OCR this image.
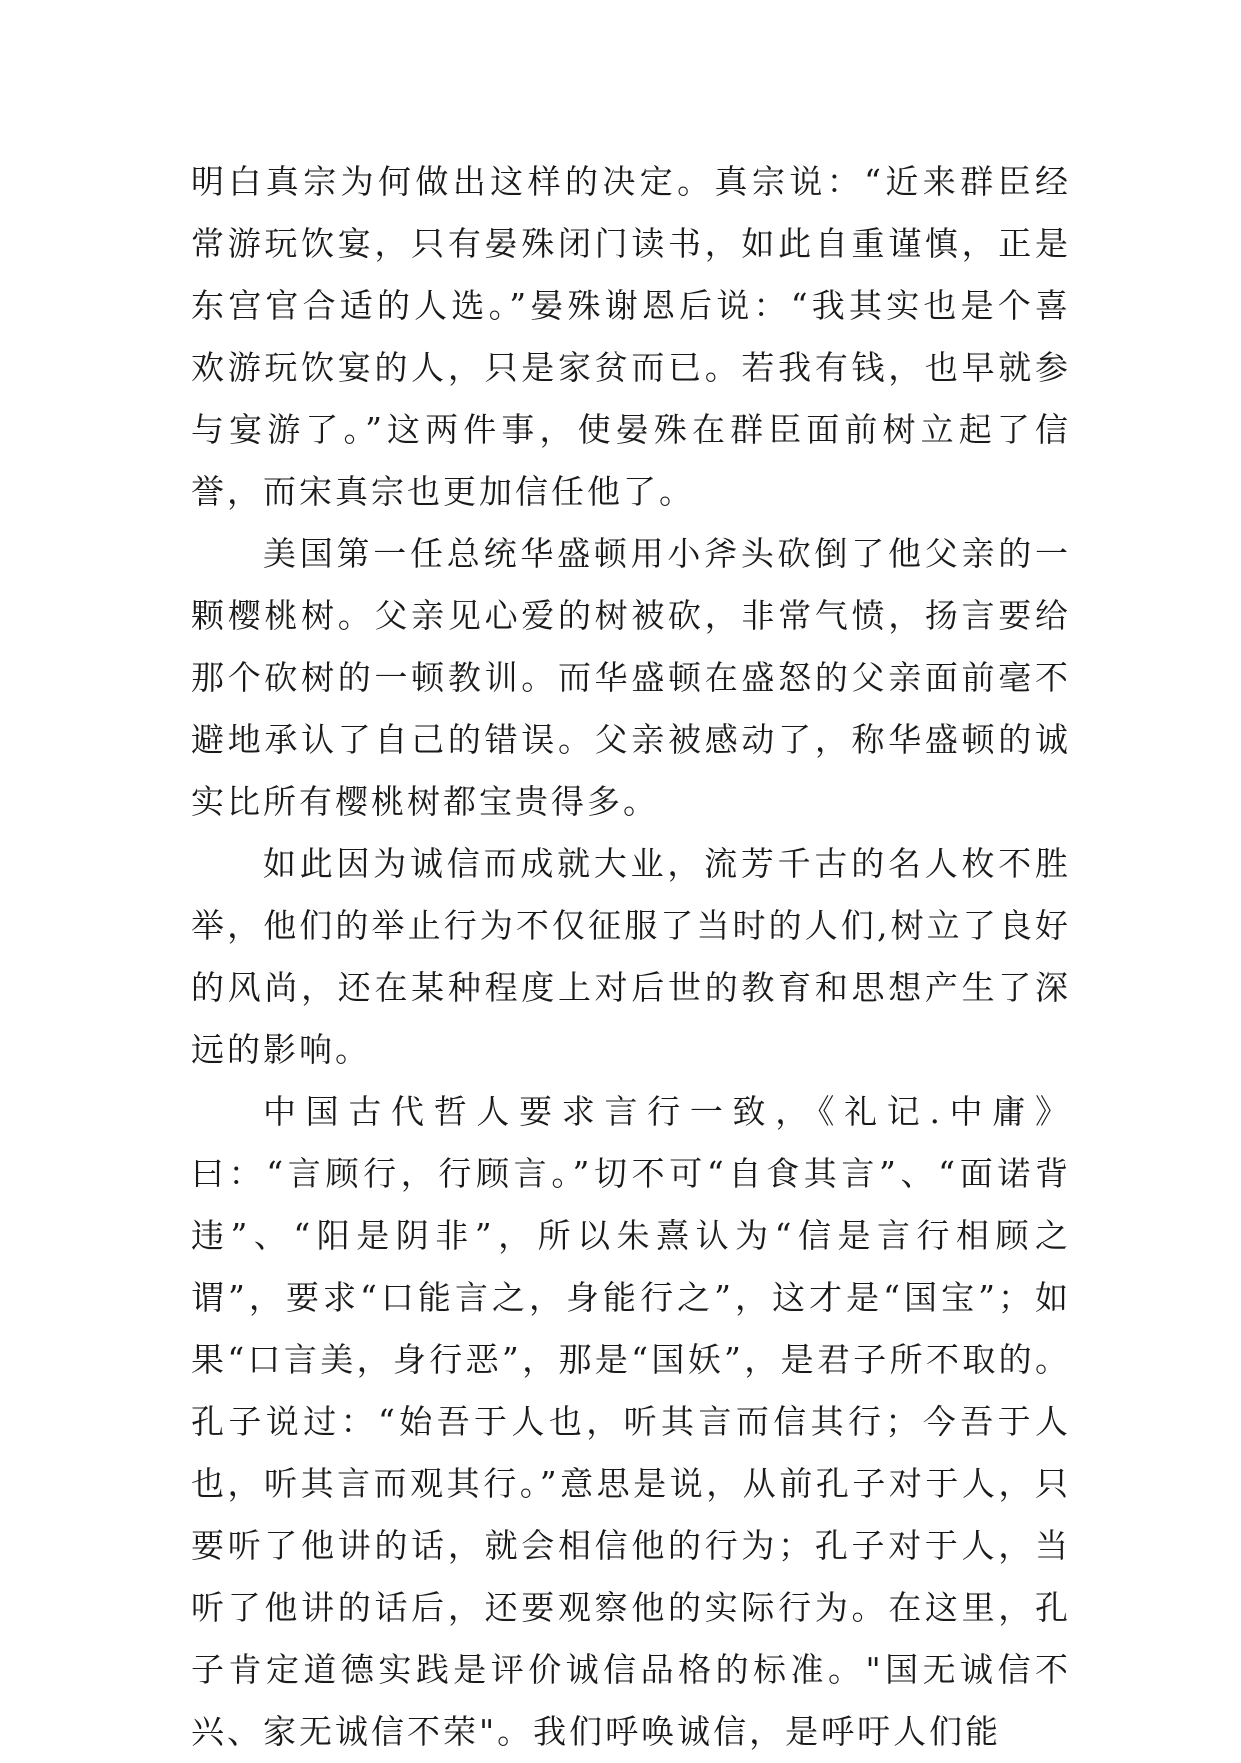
明白真宗为何做出这样的决定。真宗说：“近来群臣经常游玩饮宴，只有晏殊闭门读书，如此自重谨慎，正是东宫官合适的人选。”晏殊谢恩后说：“我其实也是个喜欢游玩饮宴的人，只是家贫而已。若我有钱，也早就参与宴游了。”这两件事，使晏殊在群臣面前树立起了信誉，而宋真宗也更加信任他了。

美国第一任总统华盛顿用小斧头砍倒了他父亲的一颗樱桃树。父亲见心爱的树被砍，非常气愤，扬言要给那个砍树的一顿教训。而华盛顿在盛怒的父亲面前毫不避地承认了自己的错误。父亲被感动了，称华盛顿的诚实比所有樱桃树都宝贵得多。

如此因为诚信而成就大业，流芳千古的名人枚不胜举，他们的举止行为不仅征服了当时的人们,树立了良好的风尚，还在某种程度上对后世的教育和思想产生了深远的影响。

中国古代哲人要求言行一致，《礼记.中庸》曰：“言顾行，行顾言。”切不可“自食其言”、“面诺背违”、“阳是阴非”，所以朱熹认为“信是言行相顾之谓”，要求“口能言之，身能行之”，这才是“国宝”；如果“口言美，身行恶”，那是“国妖”，是君子所不取的。孔子说过：“始吾于人也，听其言而信其行；今吾于人也，听其言而观其行。”意思是说，从前孔子对于人，只要听了他讲的话，就会相信他的行为；孔子对于人，当听了他讲的话后，还要观察他的实际行为。在这里，孔子肯定道德实践是评价诚信品格的标准。"国无诚信不兴、家无诚信不荣"。我们呼唤诚信，是呼吁人们能
